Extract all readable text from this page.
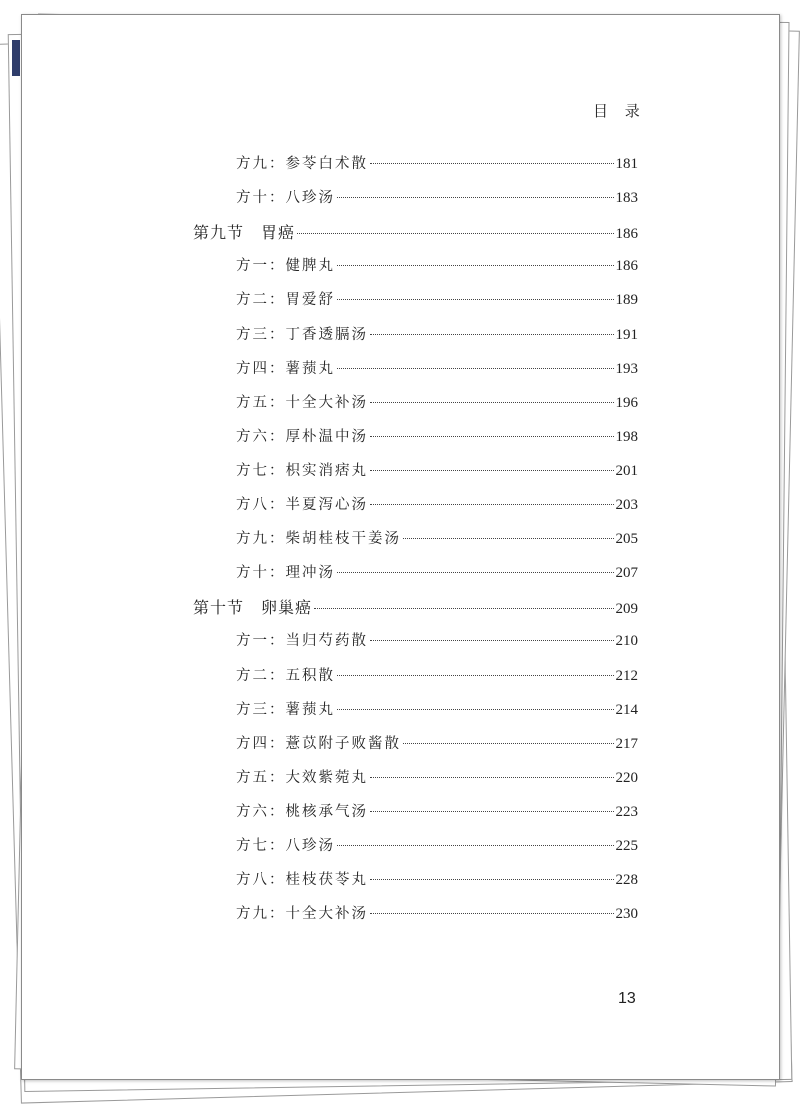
目 录
方九：参苓白术散	181
方十：八珍汤	183
第九节　胃癌	186
方一：健脾丸	186
方二：胃爱舒	189
方三：丁香透膈汤	191
方四：薯蓣丸	193
方五：十全大补汤	196
方六：厚朴温中汤	198
方七：枳实消痞丸	201
方八：半夏泻心汤	203
方九：柴胡桂枝干姜汤	205
方十：理冲汤	207
第十节　卵巢癌	209
方一：当归芍药散	210
方二：五积散	212
方三：薯蓣丸	214
方四：薏苡附子败酱散	217
方五：大效紫菀丸	220
方六：桃核承气汤	223
方七：八珍汤	225
方八：桂枝茯苓丸	228
方九：十全大补汤	230
13
